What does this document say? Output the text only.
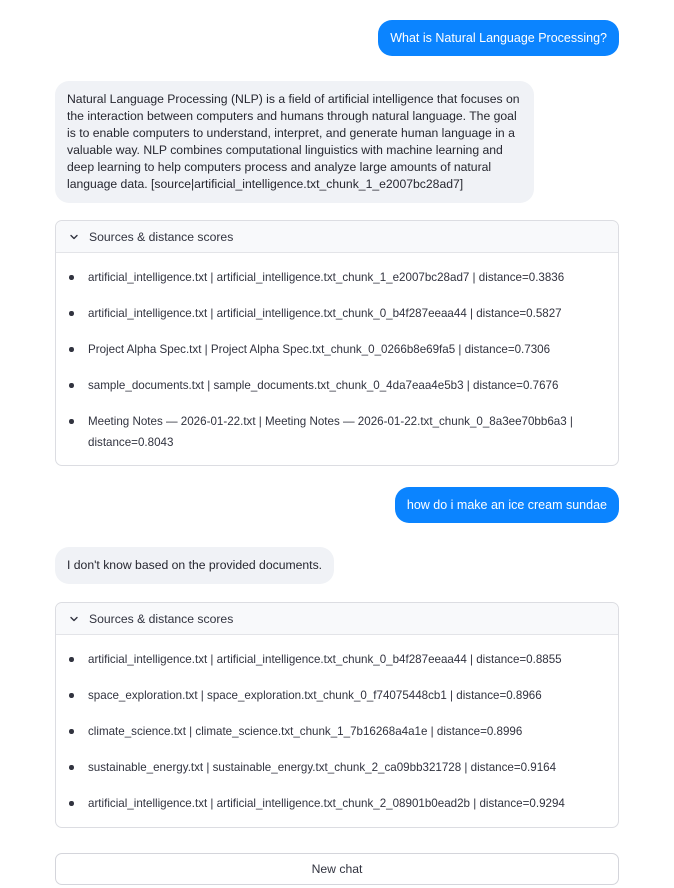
What is Natural Language Processing?

Natural Language Processing (NLP) is a field of artificial intelligence that focuses on the interaction between computers and humans through natural language. The goal is to enable computers to understand, interpret, and generate human language in a valuable way. NLP combines computational linguistics with machine learning and deep learning to help computers process and analyze large amounts of natural language data. [source|artificial_intelligence.txt_chunk_1_e2007bc28ad7]

Sources & distance scores
artificial_intelligence.txt | artificial_intelligence.txt_chunk_1_e2007bc28ad7 | distance=0.3836
artificial_intelligence.txt | artificial_intelligence.txt_chunk_0_b4f287eeaa44 | distance=0.5827
Project Alpha Spec.txt | Project Alpha Spec.txt_chunk_0_0266b8e69fa5 | distance=0.7306
sample_documents.txt | sample_documents.txt_chunk_0_4da7eaa4e5b3 | distance=0.7676
Meeting Notes — 2026-01-22.txt | Meeting Notes — 2026-01-22.txt_chunk_0_8a3ee70bb6a3 | distance=0.8043
how do i make an ice cream sundae

I don't know based on the provided documents.

Sources & distance scores
artificial_intelligence.txt | artificial_intelligence.txt_chunk_0_b4f287eeaa44 | distance=0.8855
space_exploration.txt | space_exploration.txt_chunk_0_f74075448cb1 | distance=0.8966
climate_science.txt | climate_science.txt_chunk_1_7b16268a4a1e | distance=0.8996
sustainable_energy.txt | sustainable_energy.txt_chunk_2_ca09bb321728 | distance=0.9164
artificial_intelligence.txt | artificial_intelligence.txt_chunk_2_08901b0ead2b | distance=0.9294
New chat
